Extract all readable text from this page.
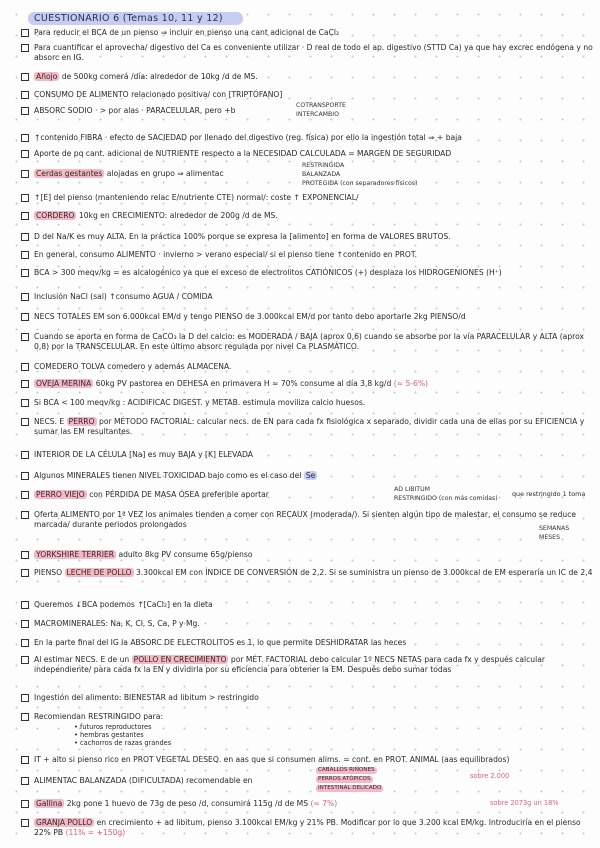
CUESTIONARIO 6 (Temas 10, 11 y 12)
Para reducir el BCA de un pienso ⇒ incluir en pienso una cant adicional de CaCl₂
Para cuantificar el aprovecha/ digestivo del Ca es conveniente utilizar · D real de todo el ap. digestivo (STTD Ca) ya que hay excrec endógena y no absorc en IG.
Añojo de 500kg comerá /día: alrededor de 10kg /d de MS.
CONSUMO DE ALIMENTO relacionado positiva/ con [TRIPTÓFANO]
ABSORC SODIO · > por alas · PARACELULAR, pero +b
COTRANSPORTE
INTERCAMBIO
↑contenido FIBRA · efecto de SACIEDAD por llenado del digestivo (reg. física) por ello la ingestión total ⇒ + baja
Aporte de pq cant. adicional de NUTRIENTE respecto a la NECESIDAD CALCULADA = MARGEN DE SEGURIDAD
Cerdas gestantes alojadas en grupo ⇒ alimentac
RESTRINGIDA
BALANZADA
PROTEGIDA (con separadores físicos)
↑[E] del pienso (manteniendo relac E/nutriente CTE) normal/: coste ↑ EXPONENCIAL/
CORDERO 10kg en CRECIMIENTO: alrededor de 200g /d de MS.
D del Na/K es muy ALTA. En la práctica 100% porque se expresa la [alimento] en forma de VALORES BRUTOS.
En general, consumo ALIMENTO · invierno > verano especial/ si el pienso tiene ↑contenido en PROT.
BCA > 300 meqv/kg = es alcalogénico ya que el exceso de electrolitos CATIÓNICOS (+) desplaza los HIDROGENIONES (H⁺)
Inclusión NaCl (sal) ↑consumo AGUA / COMIDA
NECS TOTALES EM son 6.000kcal EM/d y tengo PIENSO de 3.000kcal EM/d por tanto debo aportarle 2kg PIENSO/d
Cuando se aporta en forma de CaCO₃ la D del calcio: es MODERADA / BAJA (aprox 0,6) cuando se absorbe por la vía PARACELULAR y ALTA (aprox 0,8) por la TRANSCELULAR. En este último absorc regulada por nivel Ca PLASMÁTICO.
COMEDERO TOLVA comedero y además ALMACENA.
OVEJA MERINA 60kg PV pastorea en DEHESA en primavera H ≈ 70% consume al día 3,8 kg/d (≈ 5-6%)
Si BCA < 100 meqv/kg : ACIDIFICAC DIGEST. y METAB. estimula moviliza calcio huesos.
NECS. E PERRO por MÉTODO FACTORIAL: calcular necs. de EN para cada fx fisiológica x separado, dividir cada una de ellas por su EFICIENCIA y sumar las EM resultantes.
INTERIOR DE LA CÉLULA [Na] es muy BAJA y [K] ELEVADA
Algunos MINERALES tienen NIVEL TOXICIDAD bajo como es el caso del Se
PERRO VIEJO con PÉRDIDA DE MASA ÓSEA preferible aportar
AD LIBITUM
RESTRINGIDO (con más comidas)
que restringido 1 toma
Oferta ALIMENTO por 1ª VEZ los animales tienden a comer con RECAUX (moderada/). Si sienten algún tipo de malestar, el consumo se reduce marcada/ durante periodos prolongados	SEMANAS
MESES
YORKSHIRE TERRIER adulto 8kg PV consume 65g/pienso
PIENSO LECHE DE POLLO 3.300kcal EM con ÍNDICE DE CONVERSIÓN de 2,2. Si se suministra un pienso de 3.000kcal de EM esperaría un IC de 2,4
Queremos ↓BCA podemos ↑[CaCl₂] en la dieta
MACROMINERALES: Na, K, Cl, S, Ca, P y Mg.
En la parte final del IG la ABSORC DE ELECTROLITOS es 1, lo que permite DESHIDRATAR las heces
Al estimar NECS. E de un POLLO EN CRECIMIENTO por MÉT. FACTORIAL debo calcular 1º NECS NETAS para cada fx y después calcular independiente/ para cada fx la EN y dividirla por su eficiencia para obtener la EM. Después debo sumar todas
Ingestión del alimento: BIENESTAR ad libitum > restringido
Recomiendan RESTRINGIDO para:
• futuros reproductores
• hembras gestantes
• cachorros de razas grandes
IT + alto si pienso rico en PROT VEGETAL DESEQ. en aas que si consumen alims. = cont. en PROT. ANIMAL (aas equilibrados)
ALIMENTAC BALANZADA (DIFICULTADA) recomendable en
CABALLOS RIÑONES
PERROS ATÓPICOS
INTESTINAL DELICADO
sobre 2.000
Gallina 2kg pone 1 huevo de 73g de peso /d, consumirá 115g /d de MS (≈ 7%)	sobre 2073g un 18%
GRANJA POLLO en crecimiento + ad libitum, pienso 3.100kcal EM/kg y 21% PB. Modificar por lo que 3.200 kcal EM/kg. Introduciría en el pienso 22% PB (11% = +150g)
